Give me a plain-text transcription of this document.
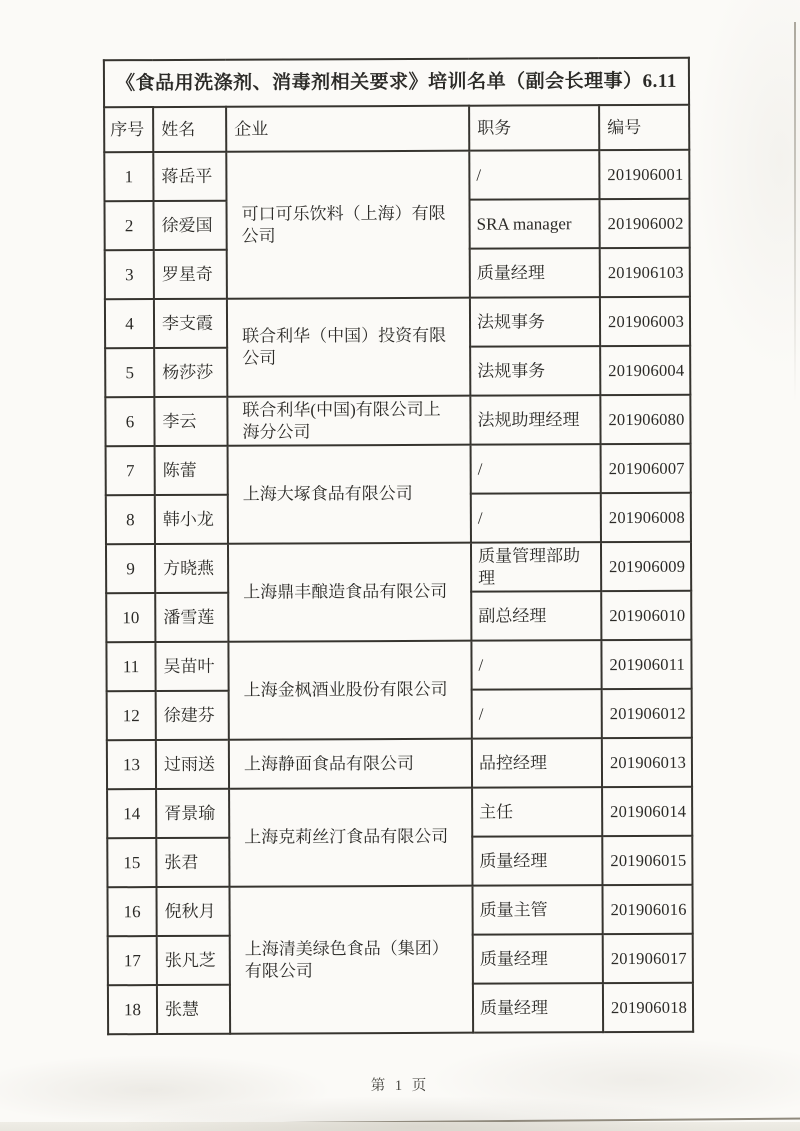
《食品用洗涤剂、消毒剂相关要求》培训名单（副会长理事）6.11				
序号	姓名	企业	职务	编号
1	蒋岳平	可口可乐饮料（上海）有限公司	/	201906001
2	徐爱国		SRA manager	201906002
3	罗星奇		质量经理	201906103
4	李支霞	联合利华（中国）投资有限公司	法规事务	201906003
5	杨莎莎		法规事务	201906004
6	李云	联合利华(中国)有限公司上海分公司	法规助理经理	201906080
7	陈蕾	上海大塚食品有限公司	/	201906007
8	韩小龙		/	201906008
9	方晓燕	上海鼎丰酿造食品有限公司	质量管理部助理	201906009
10	潘雪莲		副总经理	201906010
11	吴苗叶	上海金枫酒业股份有限公司	/	201906011
12	徐建芬		/	201906012
13	过雨送	上海静面食品有限公司	品控经理	201906013
14	胥景瑜	上海克莉丝汀食品有限公司	主任	201906014
15	张君		质量经理	201906015
16	倪秋月	上海清美绿色食品（集团）有限公司	质量主管	201906016
17	张凡芝		质量经理	201906017
18	张慧		质量经理	201906018
第 1 页
